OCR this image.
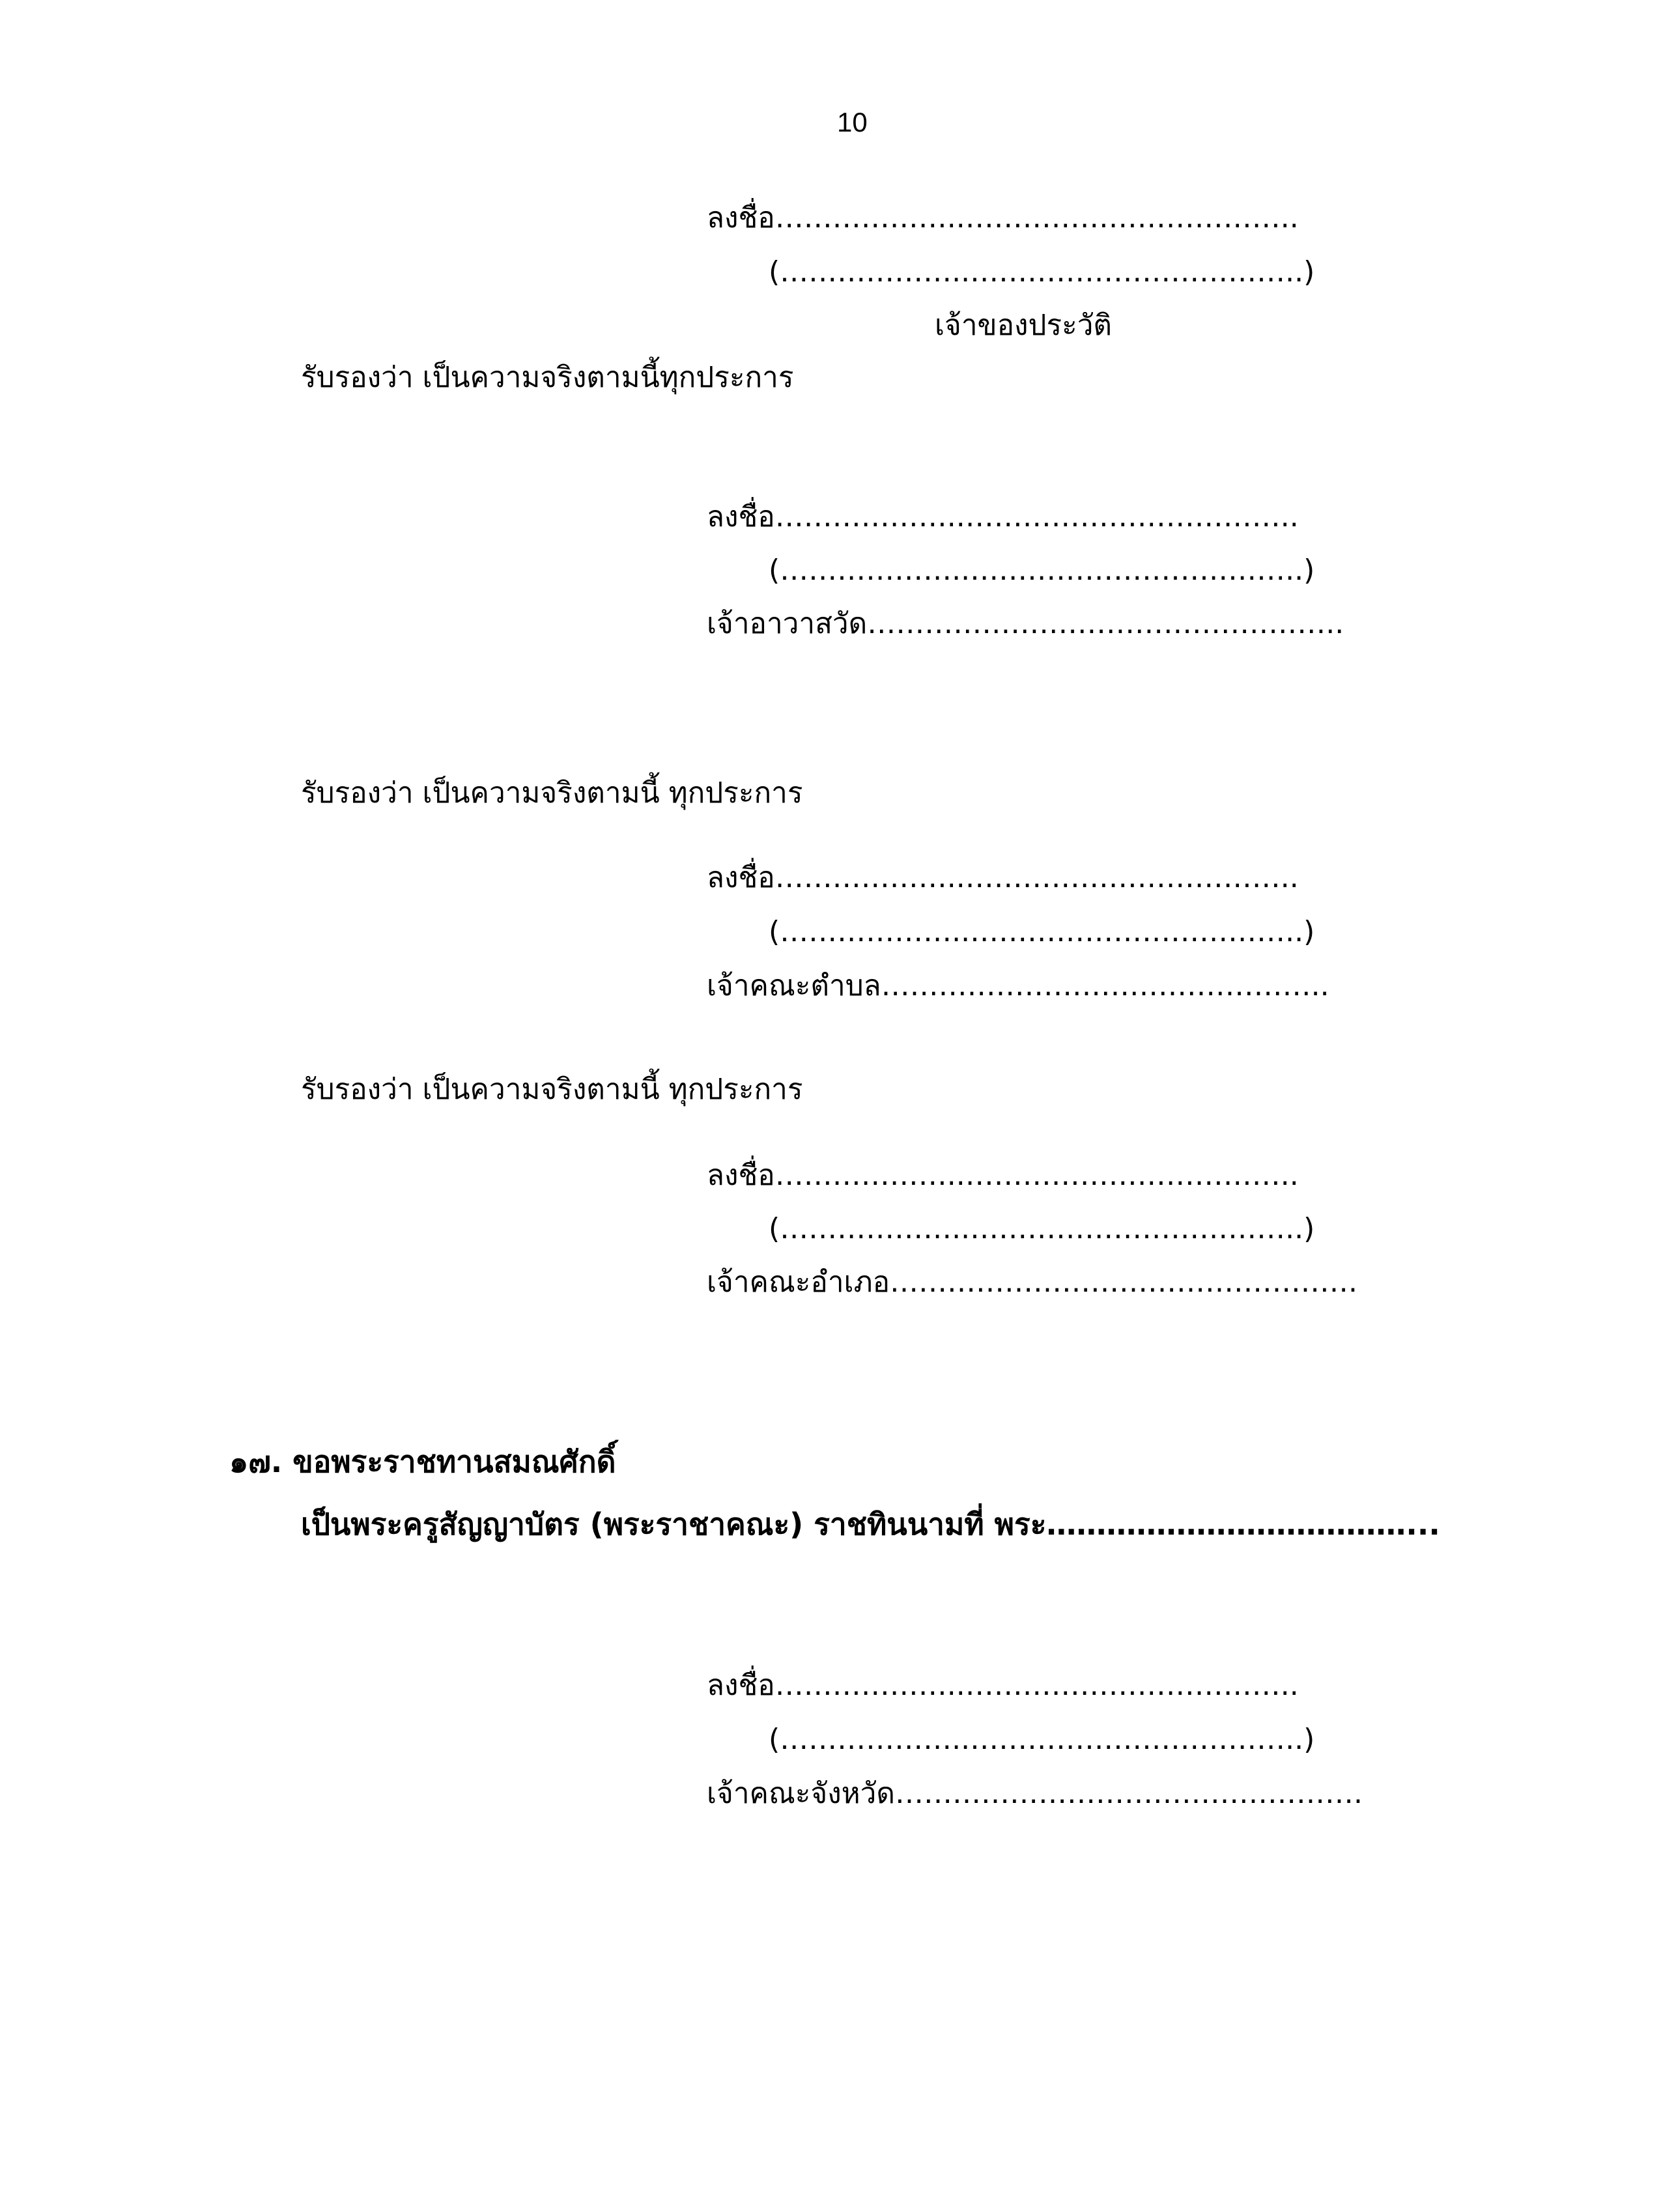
10
ลงชื่อ………………..……………………………..
(………………..……………………………..)
เจ้าของประวัติ
รับรองว่า เป็นความจริงตามนี้ทุกประการ
ลงชื่อ………………..……………………………..
(………………..……………………………..)
เจ้าอาวาสวัด…………………………………………..
รับรองว่า เป็นความจริงตามนี้ ทุกประการ
ลงชื่อ………………..……………………………..
(………………..……………………………..)
เจ้าคณะตำบล………………………………………..
รับรองว่า เป็นความจริงตามนี้ ทุกประการ
ลงชื่อ………………..……………………………..
(………………..……………………………..)
เจ้าคณะอำเภอ………………………………………….
๑๗. ขอพระราชทานสมณศักดิ์
เป็นพระครูสัญญาบัตร (พระราชาคณะ) ราชทินนามที่ พระ………………………………...
ลงชื่อ………………..……………………………..
(………………..……………………………..)
เจ้าคณะจังหวัด………………………………………….
